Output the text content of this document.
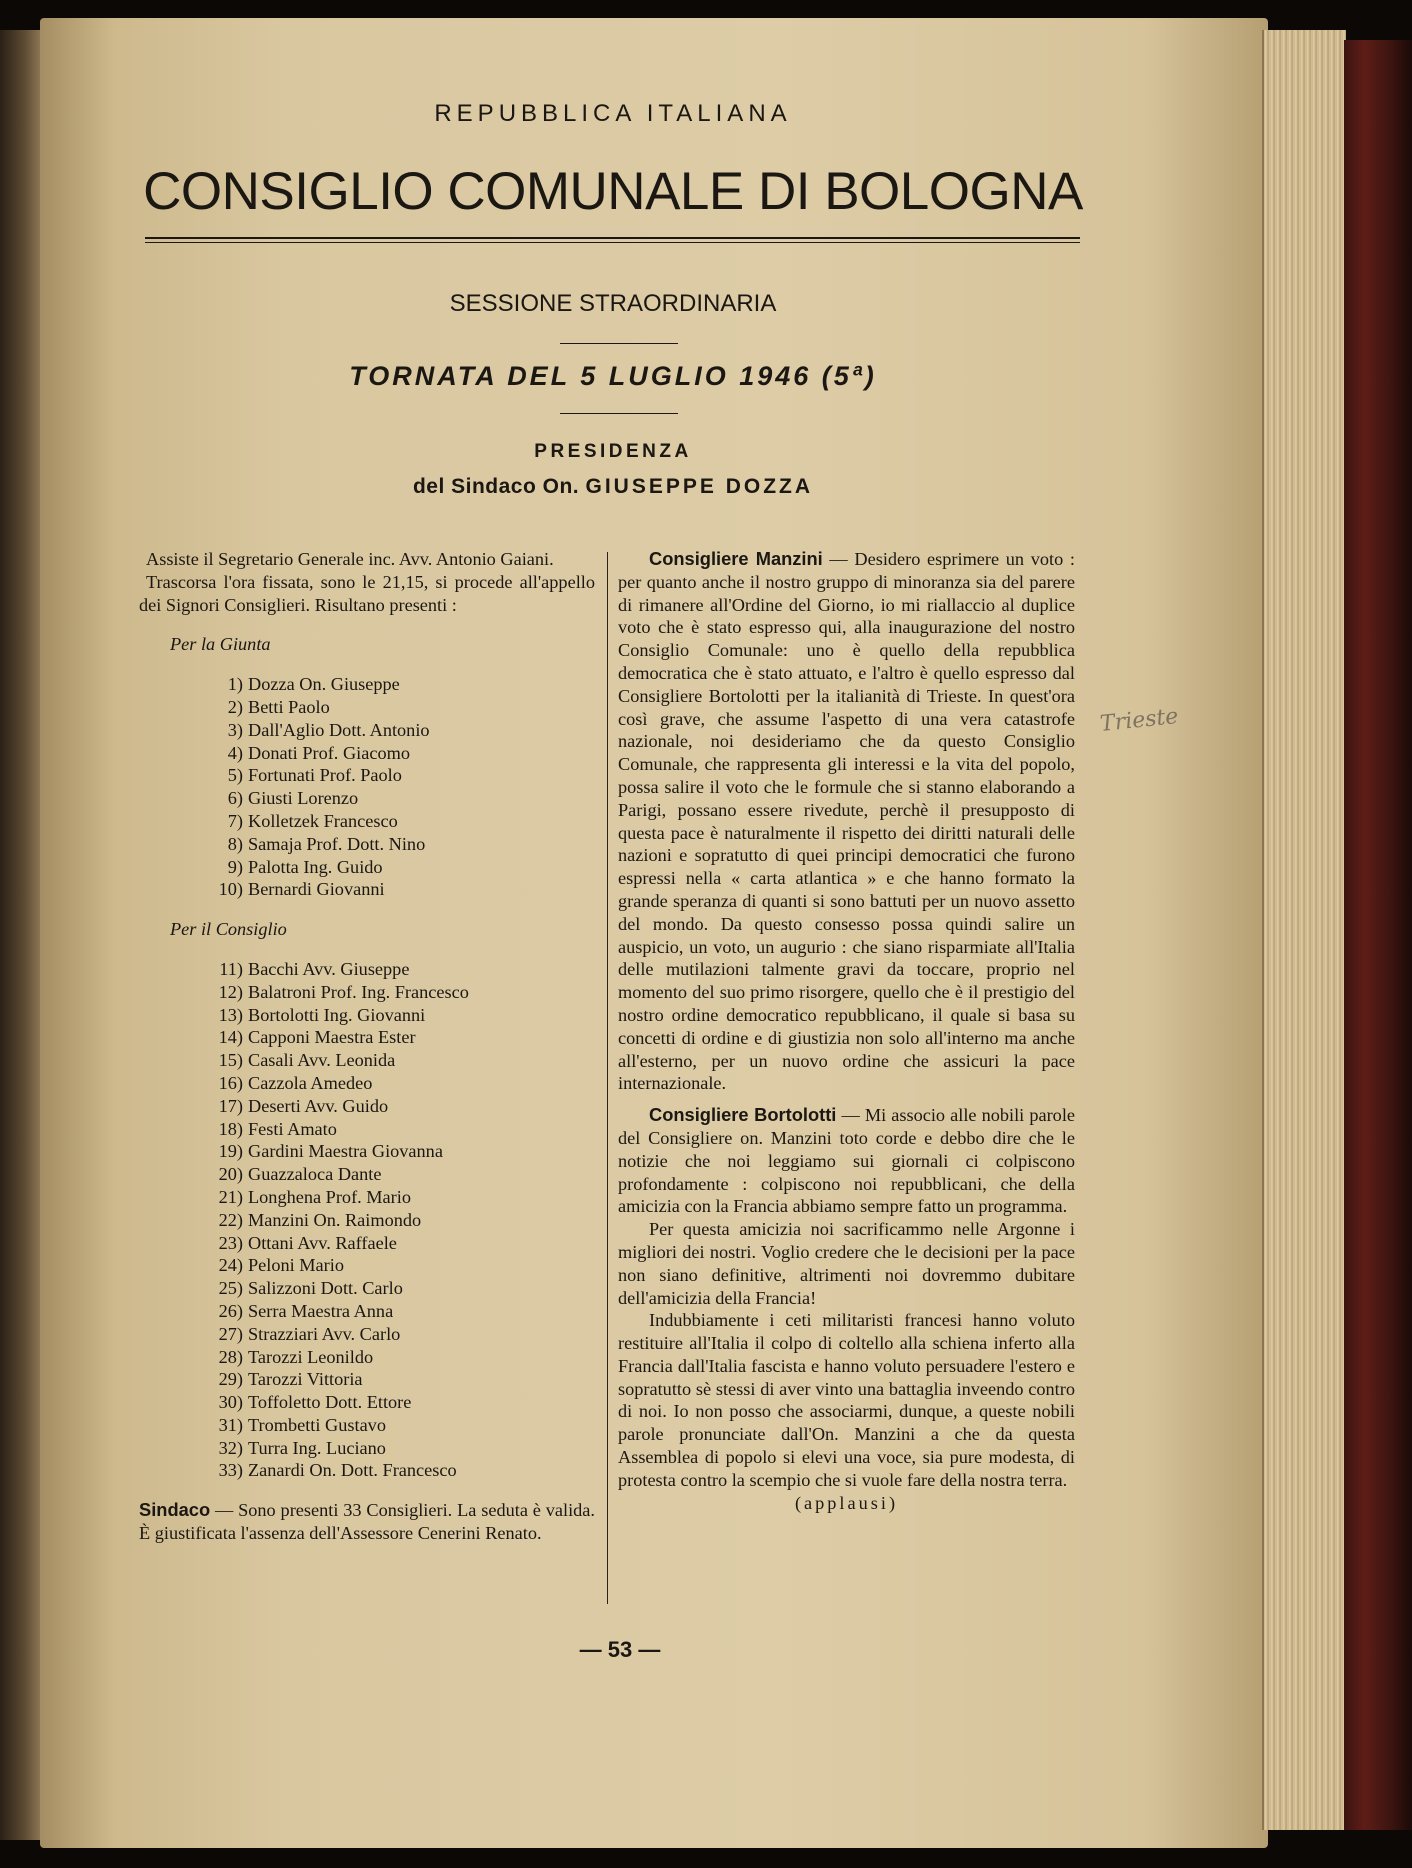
REPUBBLICA ITALIANA
CONSIGLIO COMUNALE DI BOLOGNA
SESSIONE STRAORDINARIA
TORNATA DEL 5 LUGLIO 1946 (5ª)
PRESIDENZA
del Sindaco On. GIUSEPPE DOZZA

Assiste il Segretario Generale inc. Avv. Antonio Gaiani.

Trascorsa l'ora fissata, sono le 21,15, si procede all'appello dei Signori Consiglieri. Risultano presenti :

Per la Giunta
1) Dozza On. Giuseppe
2) Betti Paolo
3) Dall'Aglio Dott. Antonio
4) Donati Prof. Giacomo
5) Fortunati Prof. Paolo
6) Giusti Lorenzo
7) Kolletzek Francesco
8) Samaja Prof. Dott. Nino
9) Palotta Ing. Guido
10) Bernardi Giovanni
Per il Consiglio
11) Bacchi Avv. Giuseppe
12) Balatroni Prof. Ing. Francesco
13) Bortolotti Ing. Giovanni
14) Capponi Maestra Ester
15) Casali Avv. Leonida
16) Cazzola Amedeo
17) Deserti Avv. Guido
18) Festi Amato
19) Gardini Maestra Giovanna
20) Guazzaloca Dante
21) Longhena Prof. Mario
22) Manzini On. Raimondo
23) Ottani Avv. Raffaele
24) Peloni Mario
25) Salizzoni Dott. Carlo
26) Serra Maestra Anna
27) Strazziari Avv. Carlo
28) Tarozzi Leonildo
29) Tarozzi Vittoria
30) Toffoletto Dott. Ettore
31) Trombetti Gustavo
32) Turra Ing. Luciano
33) Zanardi On. Dott. Francesco

Sindaco — Sono presenti 33 Consiglieri. La seduta è valida. È giustificata l'assenza dell'Assessore Cenerini Renato.

Consigliere Manzini — Desidero esprimere un voto : per quanto anche il nostro gruppo di minoranza sia del parere di rimanere all'Ordine del Giorno, io mi riallaccio al duplice voto che è stato espresso qui, alla inaugurazione del nostro Consiglio Comunale: uno è quello della repubblica democratica che è stato attuato, e l'altro è quello espresso dal Consigliere Bortolotti per la italianità di Trieste. In quest'ora così grave, che assume l'aspetto di una vera catastrofe nazionale, noi desideriamo che da questo Consiglio Comunale, che rappresenta gli interessi e la vita del popolo, possa salire il voto che le formule che si stanno elaborando a Parigi, possano essere rivedute, perchè il presupposto di questa pace è naturalmente il rispetto dei diritti naturali delle nazioni e sopratutto di quei principi democratici che furono espressi nella « carta atlantica » e che hanno formato la grande speranza di quanti si sono battuti per un nuovo assetto del mondo. Da questo consesso possa quindi salire un auspicio, un voto, un augurio : che siano risparmiate all'Italia delle mutilazioni talmente gravi da toccare, proprio nel momento del suo primo risorgere, quello che è il prestigio del nostro ordine democratico repubblicano, il quale si basa su concetti di ordine e di giustizia non solo all'interno ma anche all'esterno, per un nuovo ordine che assicuri la pace internazionale.

Consigliere Bortolotti — Mi associo alle nobili parole del Consigliere on. Manzini toto corde e debbo dire che le notizie che noi leggiamo sui giornali ci colpiscono profondamente : colpiscono noi repubblicani, che della amicizia con la Francia abbiamo sempre fatto un programma.

Per questa amicizia noi sacrificammo nelle Argonne i migliori dei nostri. Voglio credere che le decisioni per la pace non siano definitive, altrimenti noi dovremmo dubitare dell'amicizia della Francia!

Indubbiamente i ceti militaristi francesi hanno voluto restituire all'Italia il colpo di coltello alla schiena inferto alla Francia dall'Italia fascista e hanno voluto persuadere l'estero e sopratutto sè stessi di aver vinto una battaglia inveendo contro di noi. Io non posso che associarmi, dunque, a queste nobili parole pronunciate dall'On. Manzini a che da questa Assemblea di popolo si elevi una voce, sia pure modesta, di protesta contro la scempio che si vuole fare della nostra terra.

(applausi)
— 53 —
Trieste
